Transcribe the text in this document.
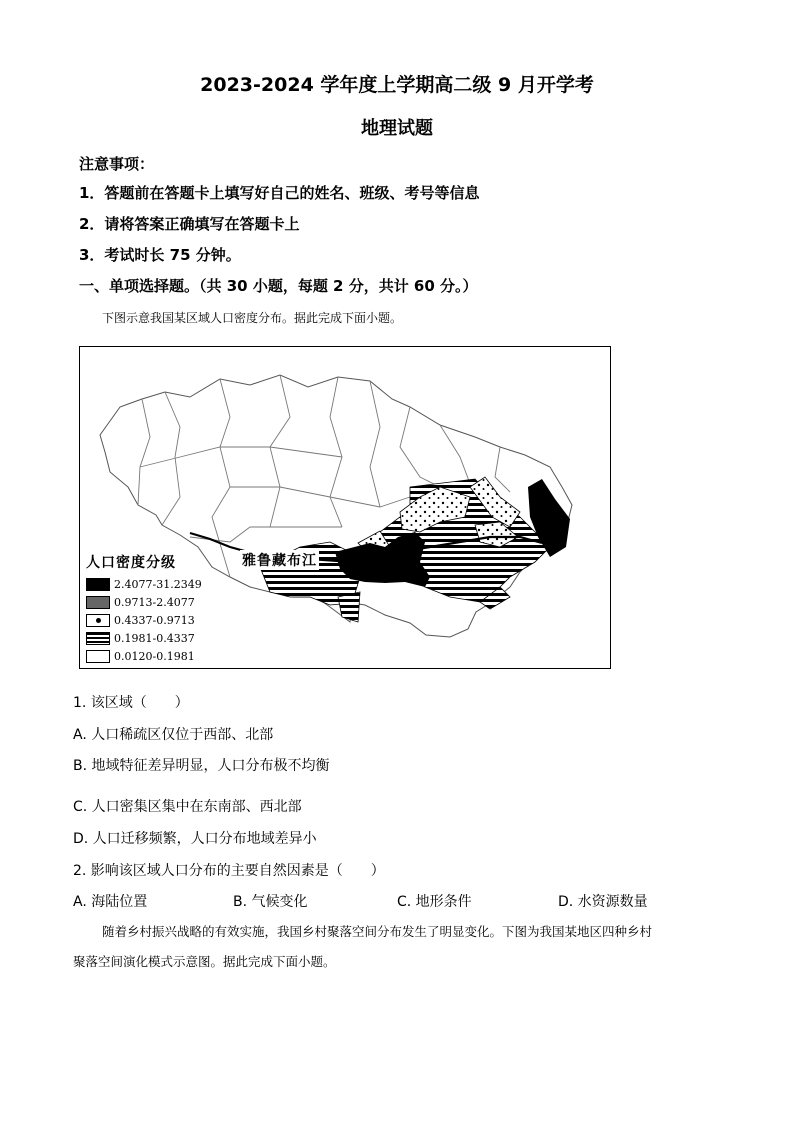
2023-2024 学年度上学期高二级 9 月开学考
地理试题
注意事项：
1．答题前在答题卡上填写好自己的姓名、班级、考号等信息
2．请将答案正确填写在答题卡上
3．考试时长 75 分钟。
一、单项选择题。（共 30 小题，每题 2 分，共计 60 分。）
下图示意我国某区域人口密度分布。据此完成下面小题。
雅鲁藏布江
人口密度分级
2.4077-31.2349
0.9713-2.4077
0.4337-0.9713
0.1981-0.4337
0.0120-0.1981
1. 该区域（　　）
A. 人口稀疏区仅位于西部、北部
B. 地域特征差异明显，人口分布极不均衡
C. 人口密集区集中在东南部、西北部
D. 人口迁移频繁，人口分布地域差异小
2. 影响该区域人口分布的主要自然因素是（　　）
A. 海陆位置	B. 气候变化	C. 地形条件	D. 水资源数量
随着乡村振兴战略的有效实施，我国乡村聚落空间分布发生了明显变化。下图为我国某地区四种乡村
聚落空间演化模式示意图。据此完成下面小题。
